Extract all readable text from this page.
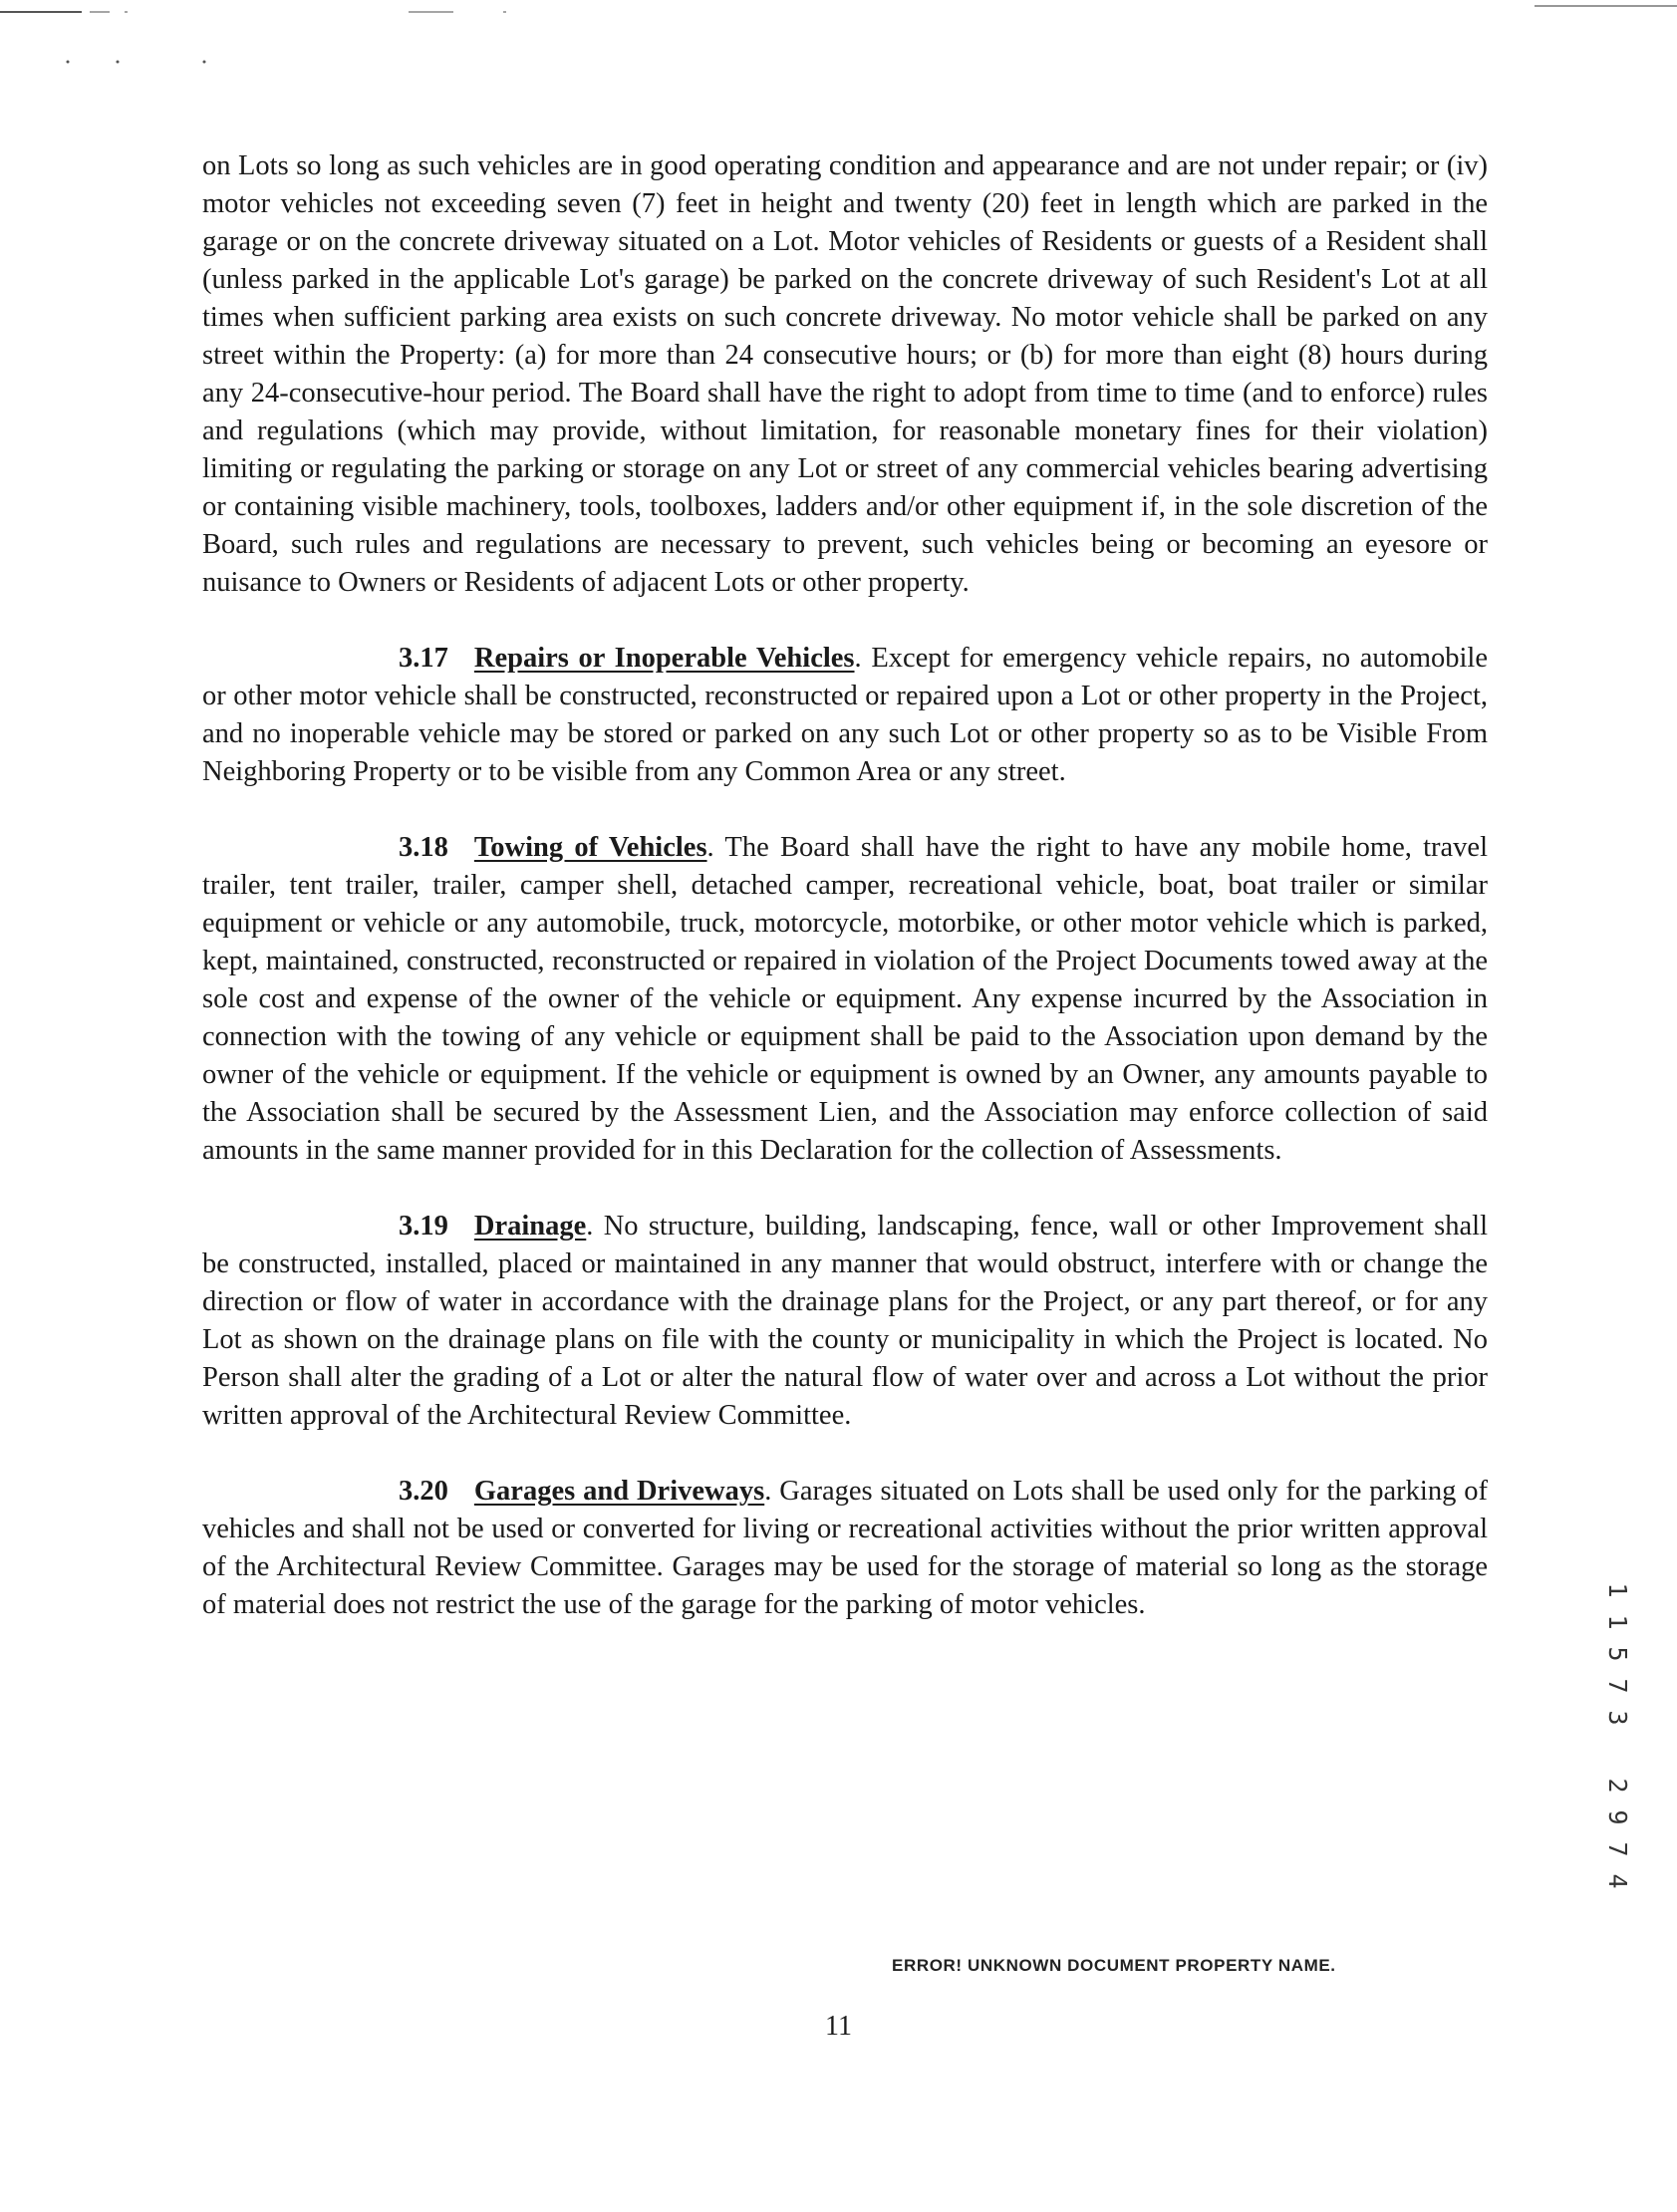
on Lots so long as such vehicles are in good operating condition and appearance and are not under repair; or (iv) motor vehicles not exceeding seven (7) feet in height and twenty (20) feet in length which are parked in the garage or on the concrete driveway situated on a Lot. Motor vehicles of Residents or guests of a Resident shall (unless parked in the applicable Lot's garage) be parked on the concrete driveway of such Resident's Lot at all times when sufficient parking area exists on such concrete driveway. No motor vehicle shall be parked on any street within the Property: (a) for more than 24 consecutive hours; or (b) for more than eight (8) hours during any 24-consecutive-hour period. The Board shall have the right to adopt from time to time (and to enforce) rules and regulations (which may provide, without limitation, for reasonable monetary fines for their violation) limiting or regulating the parking or storage on any Lot or street of any commercial vehicles bearing advertising or containing visible machinery, tools, toolboxes, ladders and/or other equipment if, in the sole discretion of the Board, such rules and regulations are necessary to prevent, such vehicles being or becoming an eyesore or nuisance to Owners or Residents of adjacent Lots or other property.

3.17 Repairs or Inoperable Vehicles. Except for emergency vehicle repairs, no automobile or other motor vehicle shall be constructed, reconstructed or repaired upon a Lot or other property in the Project, and no inoperable vehicle may be stored or parked on any such Lot or other property so as to be Visible From Neighboring Property or to be visible from any Common Area or any street.

3.18 Towing of Vehicles. The Board shall have the right to have any mobile home, travel trailer, tent trailer, trailer, camper shell, detached camper, recreational vehicle, boat, boat trailer or similar equipment or vehicle or any automobile, truck, motorcycle, motorbike, or other motor vehicle which is parked, kept, maintained, constructed, reconstructed or repaired in violation of the Project Documents towed away at the sole cost and expense of the owner of the vehicle or equipment. Any expense incurred by the Association in connection with the towing of any vehicle or equipment shall be paid to the Association upon demand by the owner of the vehicle or equipment. If the vehicle or equipment is owned by an Owner, any amounts payable to the Association shall be secured by the Assessment Lien, and the Association may enforce collection of said amounts in the same manner provided for in this Declaration for the collection of Assessments.

3.19 Drainage. No structure, building, landscaping, fence, wall or other Improvement shall be constructed, installed, placed or maintained in any manner that would obstruct, interfere with or change the direction or flow of water in accordance with the drainage plans for the Project, or any part thereof, or for any Lot as shown on the drainage plans on file with the county or municipality in which the Project is located. No Person shall alter the grading of a Lot or alter the natural flow of water over and across a Lot without the prior written approval of the Architectural Review Committee.

3.20 Garages and Driveways. Garages situated on Lots shall be used only for the parking of vehicles and shall not be used or converted for living or recreational activities without the prior written approval of the Architectural Review Committee. Garages may be used for the storage of material so long as the storage of material does not restrict the use of the garage for the parking of motor vehicles.	1
1
5
7
3
2
9
7
4
ERROR! UNKNOWN DOCUMENT PROPERTY NAME.
11
